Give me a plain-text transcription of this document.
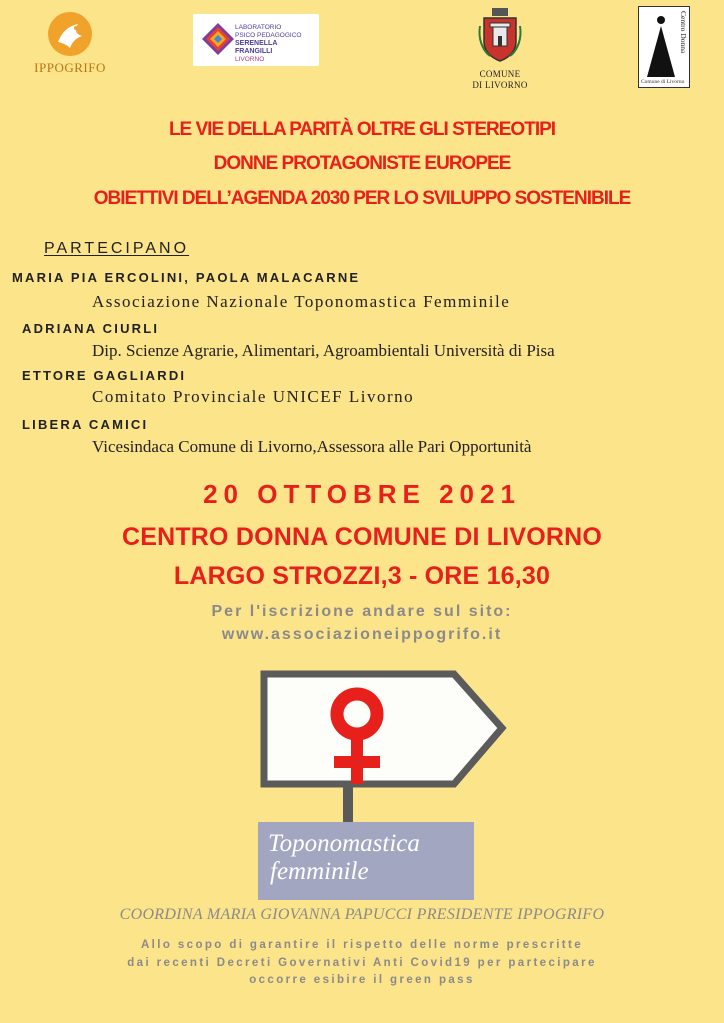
IPPOGRIFO
LABORATORIO
PSICO PEDAGOGICO
SERENELLA FRANGILLI
LIVORNO
COMUNE
DI LIVORNO
Centro Donna
Comune di Livorno
LE VIE DELLA PARITÀ OLTRE GLI STEREOTIPI
DONNE PROTAGONISTE EUROPEE
OBIETTIVI DELL’AGENDA 2030 PER LO SVILUPPO SOSTENIBILE
PARTECIPANO
MARIA PIA ERCOLINI, PAOLA MALACARNE
Associazione Nazionale Toponomastica Femminile
ADRIANA CIURLI
Dip. Scienze Agrarie, Alimentari, Agroambientali Università di Pisa
ETTORE GAGLIARDI
Comitato Provinciale UNICEF Livorno
LIBERA CAMICI
Vicesindaca Comune di Livorno,Assessora alle Pari Opportunità
20 OTTOBRE 2021
CENTRO DONNA COMUNE DI LIVORNO
LARGO STROZZI,3 - ORE 16,30
Per l'iscrizione andare sul sito:
www.associazioneippogrifo.it
Toponomastica
femminile
COORDINA MARIA GIOVANNA PAPUCCI PRESIDENTE IPPOGRIFO
Allo scopo di garantire il rispetto delle norme prescritte
dai recenti Decreti Governativi Anti Covid19 per partecipare
occorre esibire il green pass
